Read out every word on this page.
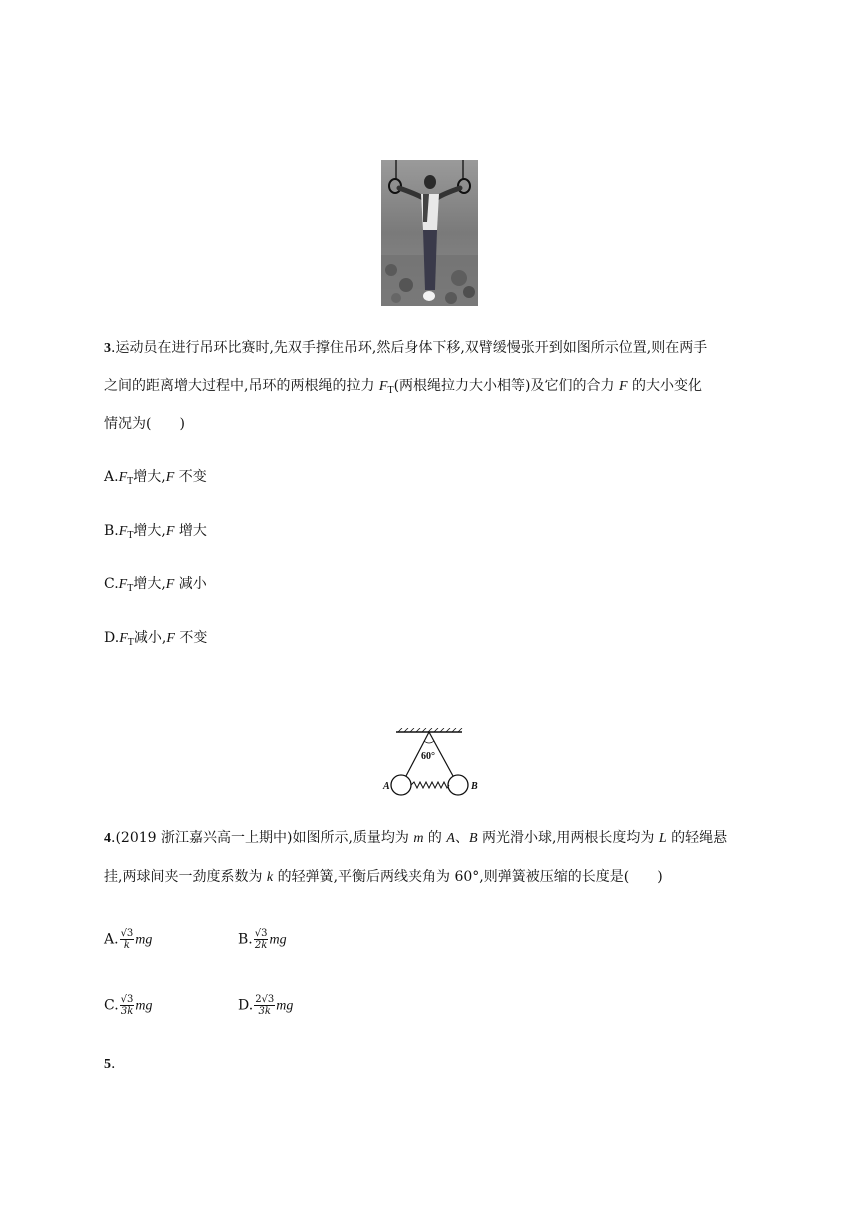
3.运动员在进行吊环比赛时,先双手撑住吊环,然后身体下移,双臂缓慢张开到如图所示位置,则在两手
之间的距离增大过程中,吊环的两根绳的拉力 $F_T$(两根绳拉力大小相等)及它们的合力 F 的大小变化
情况为( )
$A.F_T$增大,F 不变
$B.F_T$增大,F 增大
$C.F_T$增大,F 减小
$D.F_T$减小,F 不变
60°
A	B
4.(2019 浙江嘉兴高一上期中)如图所示,质量均为 m 的 A、B 两光滑小球,用两根长度均为 L 的轻绳悬
挂,两球间夹一劲度系数为 k 的轻弹簧,平衡后两线夹角为 60°,则弹簧被压缩的长度是( )
A. $\frac{√3}{k}$ mg	B. $\frac{√3}{2k}$ mg
C. $\frac{√3}{3k}$ mg	D. $\frac{2√3}{3k}$ mg
5.
